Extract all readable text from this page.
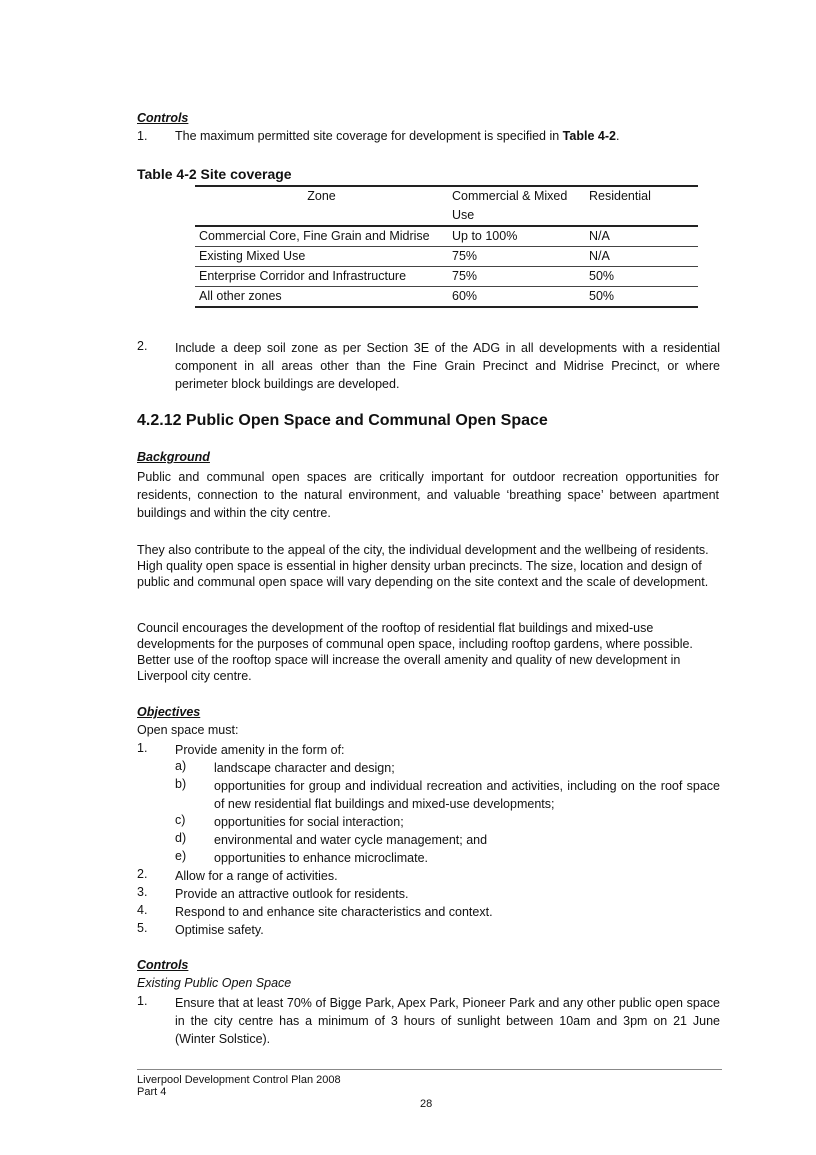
Controls
1. The maximum permitted site coverage for development is specified in Table 4-2.
Table 4-2 Site coverage
Zone	Commercial & Mixed Use	Residential
Commercial Core, Fine Grain and Midrise	Up to 100%	N/A
Existing Mixed Use	75%	N/A
Enterprise Corridor and Infrastructure	75%	50%
All other zones	60%	50%
2. Include a deep soil zone as per Section 3E of the ADG in all developments with a residential component in all areas other than the Fine Grain Precinct and Midrise Precinct, or where perimeter block buildings are developed.
4.2.12 Public Open Space and Communal Open Space
Background
Public and communal open spaces are critically important for outdoor recreation opportunities for residents, connection to the natural environment, and valuable ‘breathing space’ between apartment buildings and within the city centre.
They also contribute to the appeal of the city, the individual development and the wellbeing of residents. High quality open space is essential in higher density urban precincts. The size, location and design of public and communal open space will vary depending on the site context and the scale of development.
Council encourages the development of the rooftop of residential flat buildings and mixed-use developments for the purposes of communal open space, including rooftop gardens, where possible. Better use of the rooftop space will increase the overall amenity and quality of new development in Liverpool city centre.
Objectives
Open space must:
1. Provide amenity in the form of:
a) landscape character and design;
b) opportunities for group and individual recreation and activities, including on the roof space of new residential flat buildings and mixed-use developments;
c) opportunities for social interaction;
d) environmental and water cycle management; and
e) opportunities to enhance microclimate.
2. Allow for a range of activities.
3. Provide an attractive outlook for residents.
4. Respond to and enhance site characteristics and context.
5. Optimise safety.
Controls
Existing Public Open Space
1. Ensure that at least 70% of Bigge Park, Apex Park, Pioneer Park and any other public open space in the city centre has a minimum of 3 hours of sunlight between 10am and 3pm on 21 June (Winter Solstice).
Liverpool Development Control Plan 2008
Part 4
28
